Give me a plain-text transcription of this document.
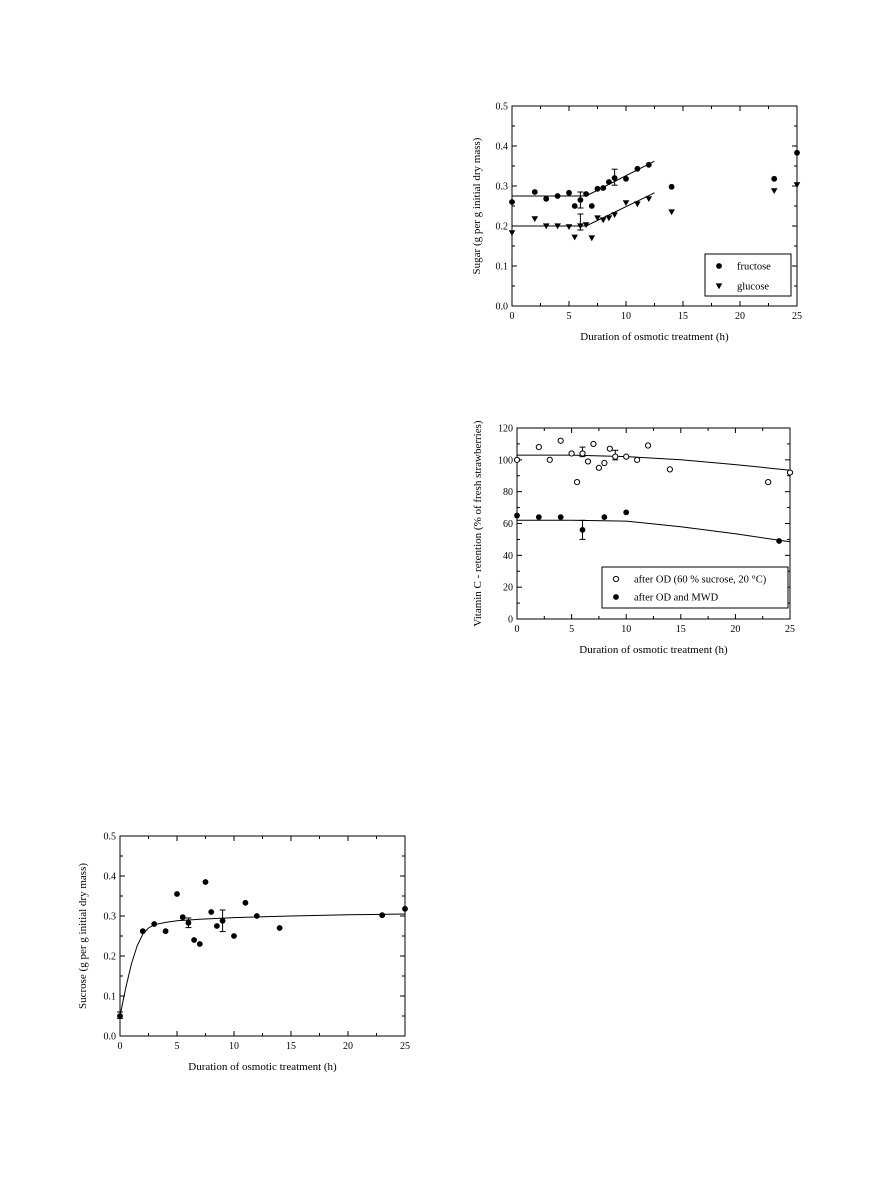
0	5	10	15	20	25
0.0
0.1
0.2
0.3
0.4
0.5
Duration of osmotic treatment (h)
Sugar (g per g initial dry mass)	fructose
glucose
0	5	10	15	20	25
0
20
40
60
80
100
120
Duration of osmotic treatment (h)
Vitamin C - retention (% of fresh strawberries)	after OD (60 % sucrose, 20 °C)
after OD and MWD
0	5	10	15	20	25
0.0
0.1
0.2
0.3
0.4
0.5
Duration of osmotic treatment (h)
Sucrose (g per g initial dry mass)
